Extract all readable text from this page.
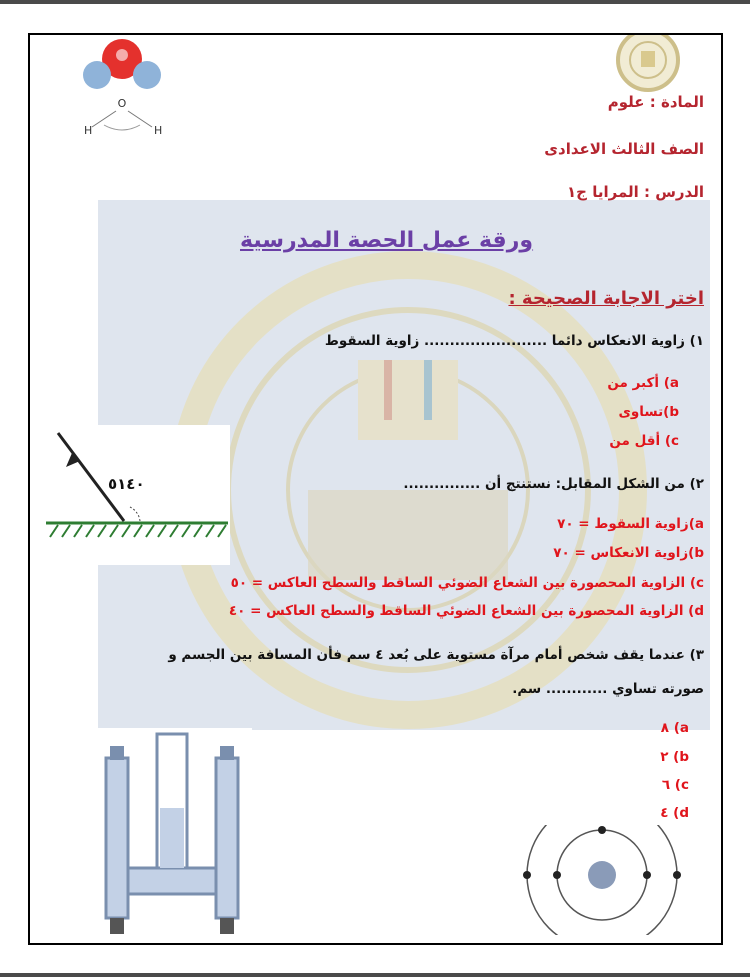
O
H	H
المادة : علوم
الصف الثالث الاعدادى
الدرس : المرايا ج١
ورقة عمل الحصة المدرسية
اختر الاجابة الصحيحة :
١) زاوية الانعكاس دائما ........................ زاوية السقوط
a) أكبر من
b)تساوى
c) أقل من
٥١٤٠	٢) من الشكل المقابل: نستنتج أن ...............
a)زاوية السقوط = ٧٠
b)زاوية الانعكاس = ٧٠
c) الزاوية المحصورة بين الشعاع الضوئي الساقط والسطح العاكس = ٥٠
d) الزاوية المحصورة بين الشعاع الضوئي الساقط والسطح العاكس = ٤٠
٣) عندما يقف شخص أمام مرآة مستوية على بُعد ٤ سم فأن المسافة بين الجسم و
صورته تساوي ............ سم.
a) ٨
b) ٢
c) ٦
d) ٤
